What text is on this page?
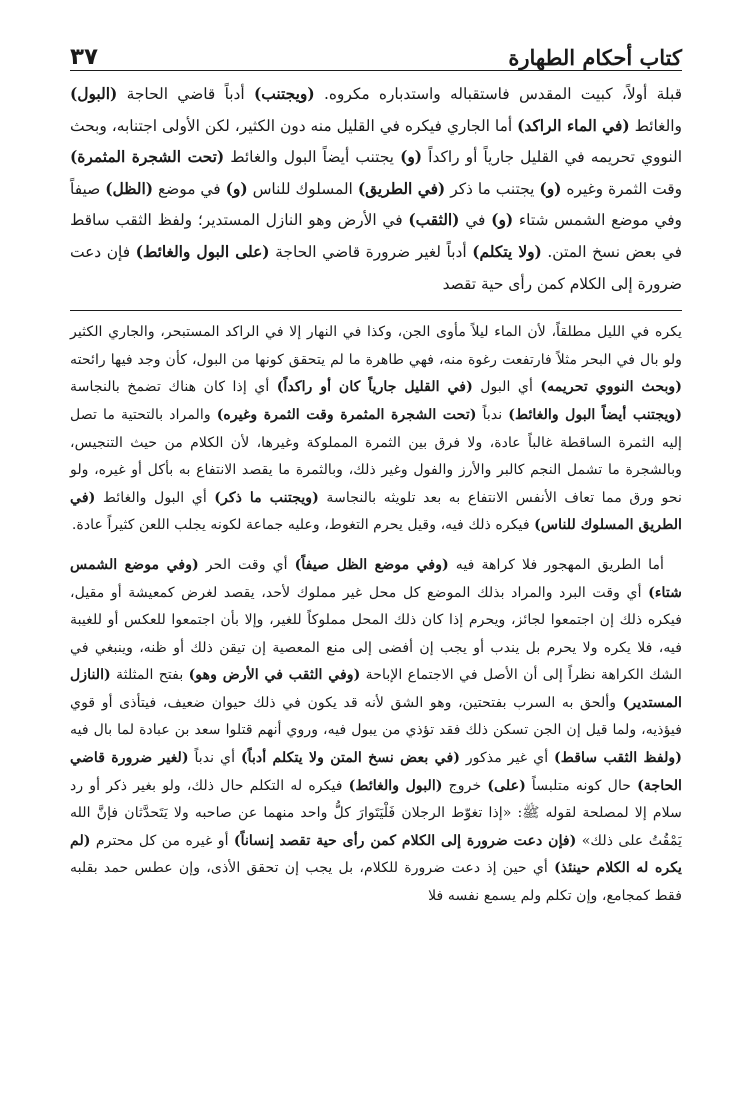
كتاب أحكام الطهارة
٣٧
قبلة أولاً، كبيت المقدس فاستقباله واستدباره مكروه. (ويجتنب) أدباً قاضي الحاجة (البول) والغائط (في الماء الراكد) أما الجاري فيكره في القليل منه دون الكثير، لكن الأولى اجتنابه، وبحث النووي تحريمه في القليل جارياً أو راكداً (و) يجتنب أيضاً البول والغائط (تحت الشجرة المثمرة) وقت الثمرة وغيره (و) يجتنب ما ذكر (في الطريق) المسلوك للناس (و) في موضع (الظل) صيفاً وفي موضع الشمس شتاء (و) في (الثقب) في الأرض وهو النازل المستدير؛ ولفظ الثقب ساقط في بعض نسخ المتن. (ولا يتكلم) أدباً لغير ضرورة قاضي الحاجة (على البول والغائط) فإن دعت ضرورة إلى الكلام كمن رأى حية تقصد

يكره في الليل مطلقاً، لأن الماء ليلاً مأوى الجن، وكذا في النهار إلا في الراكد المستبحر، والجاري الكثير ولو بال في البحر مثلاً فارتفعت رغوة منه، فهي طاهرة ما لم يتحقق كونها من البول، كأن وجد فيها رائحته (وبحث النووي تحريمه) أي البول (في القليل جارياً كان أو راكداً) أي إذا كان هناك تضمخ بالنجاسة (ويجتنب أيضاً البول والغائط) ندباً (تحت الشجرة المثمرة وقت الثمرة وغيره) والمراد بالتحتية ما تصل إليه الثمرة الساقطة غالباً عادة، ولا فرق بين الثمرة المملوكة وغيرها، لأن الكلام من حيث التنجيس، وبالشجرة ما تشمل النجم كالبر والأرز والفول وغير ذلك، وبالثمرة ما يقصد الانتفاع به بأكل أو غيره، ولو نحو ورق مما تعاف الأنفس الانتفاع به بعد تلويثه بالنجاسة (ويجتنب ما ذكر) أي البول والغائط (في الطريق المسلوك للناس) فيكره ذلك فيه، وقيل يحرم التغوط، وعليه جماعة لكونه يجلب اللعن كثيراً عادة.

أما الطريق المهجور فلا كراهة فيه (وفي موضع الظل صيفاً) أي وقت الحر (وفي موضع الشمس شتاء) أي وقت البرد والمراد بذلك الموضع كل محل غير مملوك لأحد، يقصد لغرض كمعيشة أو مقيل، فيكره ذلك إن اجتمعوا لجائز، ويحرم إذا كان ذلك المحل مملوكاً للغير، وإلا بأن اجتمعوا للعكس أو للغيبة فيه، فلا يكره ولا يحرم بل يندب أو يجب إن أفضى إلى منع المعصية إن تيقن ذلك أو ظنه، وينبغي في الشك الكراهة نظراً إلى أن الأصل في الاجتماع الإباحة (وفي الثقب في الأرض وهو) بفتح المثلثة (النازل المستدير) وألحق به السرب بفتحتين، وهو الشق لأنه قد يكون في ذلك حيوان ضعيف، فيتأذى أو قوي فيؤذيه، ولما قيل إن الجن تسكن ذلك فقد تؤذي من يبول فيه، وروي أنهم قتلوا سعد بن عبادة لما بال فيه (ولفظ الثقب ساقط) أي غير مذكور (في بعض نسخ المتن ولا يتكلم أدباً) أي ندباً (لغير ضرورة قاضي الحاجة) حال كونه متلبساً (على) خروج (البول والغائط) فيكره له التكلم حال ذلك، ولو بغير ذكر أو رد سلام إلا لمصلحة لقوله ﷺ: «إذا تغوّط الرجلان فَلْيَتَوارَ كلُّ واحد منهما عن صاحبه ولا يَتَحدَّثان فإنَّ الله يَمْقُتُ على ذلك» (فإن دعت ضرورة إلى الكلام كمن رأى حية تقصد إنساناً) أو غيره من كل محترم (لم يكره له الكلام حينئذ) أي حين إذ دعت ضرورة للكلام، بل يجب إن تحقق الأذى، وإن عطس حمد بقلبه فقط كمجامع، وإن تكلم ولم يسمع نفسه فلا
